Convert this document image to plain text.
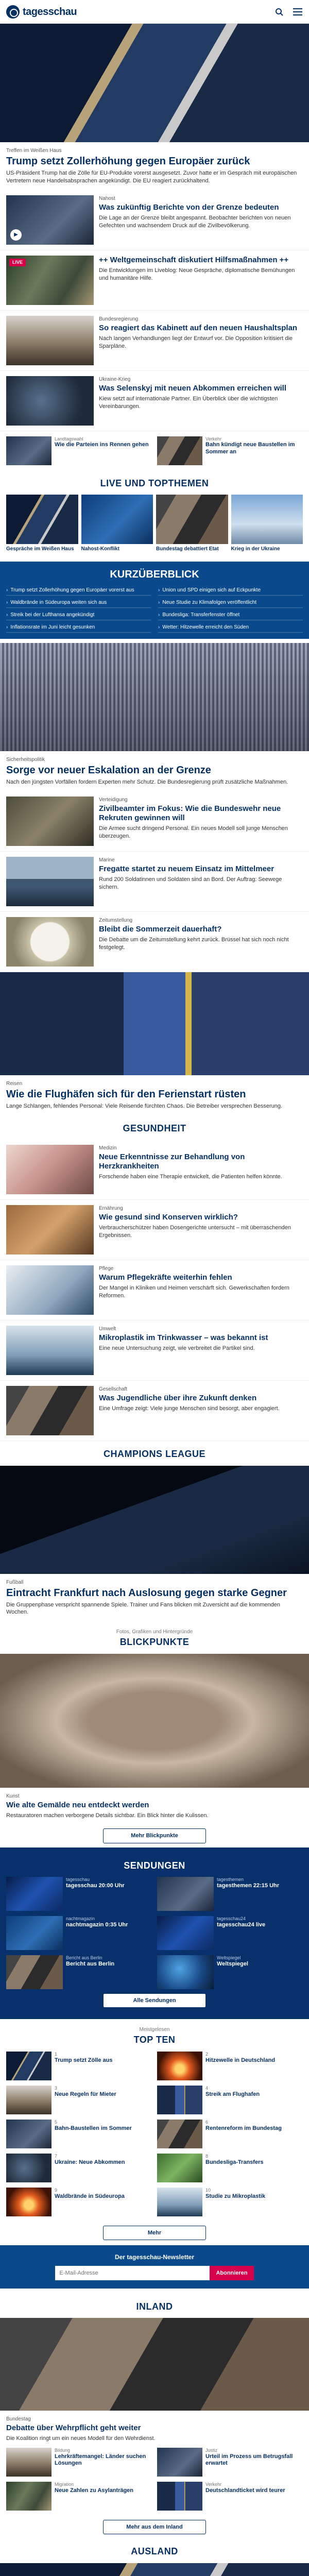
tagesschau
Treffen im Weißen Haus
Trump setzt Zollerhöhung gegen Europäer zurück
US-Präsident Trump hat die Zölle für EU-Produkte vorerst ausgesetzt. Zuvor hatte er im Gespräch mit europäischen Vertretern neue Handelsabsprachen angekündigt. Die EU reagiert zurückhaltend.
▶
Nahost
Was zukünftig Berichte von der Grenze bedeuten
Die Lage an der Grenze bleibt angespannt. Beobachter berichten von neuen Gefechten und wachsendem Druck auf die Zivilbevölkerung.
LIVE	++ Weltgemeinschaft diskutiert Hilfsmaßnahmen ++
Die Entwicklungen im Liveblog: Neue Gespräche, diplomatische Bemühungen und humanitäre Hilfe.
Bundesregierung
So reagiert das Kabinett auf den neuen Haushaltsplan
Nach langen Verhandlungen liegt der Entwurf vor. Die Opposition kritisiert die Sparpläne.
Ukraine-Krieg
Was Selenskyj mit neuen Abkommen erreichen will
Kiew setzt auf internationale Partner. Ein Überblick über die wichtigsten Vereinbarungen.
Landtagswahl
Wie die Parteien ins Rennen gehen
Verkehr
Bahn kündigt neue Baustellen im Sommer an
LIVE UND TOPTHEMEN
Gespräche im Weißen Haus	Nahost-Konflikt	Bundestag debattiert Etat	Krieg in der Ukraine
KURZÜBERBLICK
› Trump setzt Zollerhöhung gegen Europäer vorerst aus	› Union und SPD einigen sich auf Eckpunkte
› Waldbrände in Südeuropa weiten sich aus	› Neue Studie zu Klimafolgen veröffentlicht
› Streik bei der Lufthansa angekündigt	› Bundesliga: Transferfenster öffnet
› Inflationsrate im Juni leicht gesunken	› Wetter: Hitzewelle erreicht den Süden
Sicherheitspolitik
Sorge vor neuer Eskalation an der Grenze
Nach den jüngsten Vorfällen fordern Experten mehr Schutz. Die Bundesregierung prüft zusätzliche Maßnahmen.
Verteidigung
Zivilbeamter im Fokus: Wie die Bundeswehr neue Rekruten gewinnen will
Die Armee sucht dringend Personal. Ein neues Modell soll junge Menschen überzeugen.
Marine
Fregatte startet zu neuem Einsatz im Mittelmeer
Rund 200 Soldatinnen und Soldaten sind an Bord. Der Auftrag: Seewege sichern.
Zeitumstellung
Bleibt die Sommerzeit dauerhaft?
Die Debatte um die Zeitumstellung kehrt zurück. Brüssel hat sich noch nicht festgelegt.
Reisen
Wie die Flughäfen sich für den Ferienstart rüsten
Lange Schlangen, fehlendes Personal: Viele Reisende fürchten Chaos. Die Betreiber versprechen Besserung.
GESUNDHEIT
Medizin
Neue Erkenntnisse zur Behandlung von Herzkrankheiten
Forschende haben eine Therapie entwickelt, die Patienten helfen könnte.
Ernährung
Wie gesund sind Konserven wirklich?
Verbraucherschützer haben Dosengerichte untersucht – mit überraschenden Ergebnissen.
Pflege
Warum Pflegekräfte weiterhin fehlen
Der Mangel in Kliniken und Heimen verschärft sich. Gewerkschaften fordern Reformen.
Umwelt
Mikroplastik im Trinkwasser – was bekannt ist
Eine neue Untersuchung zeigt, wie verbreitet die Partikel sind.
Gesellschaft
Was Jugendliche über ihre Zukunft denken
Eine Umfrage zeigt: Viele junge Menschen sind besorgt, aber engagiert.
CHAMPIONS LEAGUE
Fußball
Eintracht Frankfurt nach Auslosung gegen starke Gegner
Die Gruppenphase verspricht spannende Spiele. Trainer und Fans blicken mit Zuversicht auf die kommenden Wochen.
Fotos, Grafiken und Hintergründe
BLICKPUNKTE
Kunst
Wie alte Gemälde neu entdeckt werden
Restauratoren machen verborgene Details sichtbar. Ein Blick hinter die Kulissen.
Mehr Blickpunkte
SENDUNGEN
tagesschau
tagesschau 20:00 Uhr
tagesthemen
tagesthemen 22:15 Uhr
nachtmagazin
nachtmagazin 0:35 Uhr
tagesschau24
tagesschau24 live
Bericht aus Berlin
Bericht aus Berlin
Weltspiegel
Weltspiegel
Alle Sendungen
Meistgelesen
TOP TEN
1
Trump setzt Zölle aus
2
Hitzewelle in Deutschland
3
Neue Regeln für Mieter
4
Streik am Flughafen
5
Bahn-Baustellen im Sommer
6
Rentenreform im Bundestag
7
Ukraine: Neue Abkommen
8
Bundesliga-Transfers
9
Waldbrände in Südeuropa
10
Studie zu Mikroplastik
Mehr
Der tagesschau-Newsletter
E-Mail-Adresse
Abonnieren
INLAND
Bundestag
Debatte über Wehrpflicht geht weiter
Die Koalition ringt um ein neues Modell für den Wehrdienst.
Bildung
Lehrkräftemangel: Länder suchen Lösungen
Justiz
Urteil im Prozess um Betrugsfall erwartet
Migration
Neue Zahlen zu Asylanträgen
Verkehr
Deutschlandticket wird teurer
Mehr aus dem Inland
AUSLAND
